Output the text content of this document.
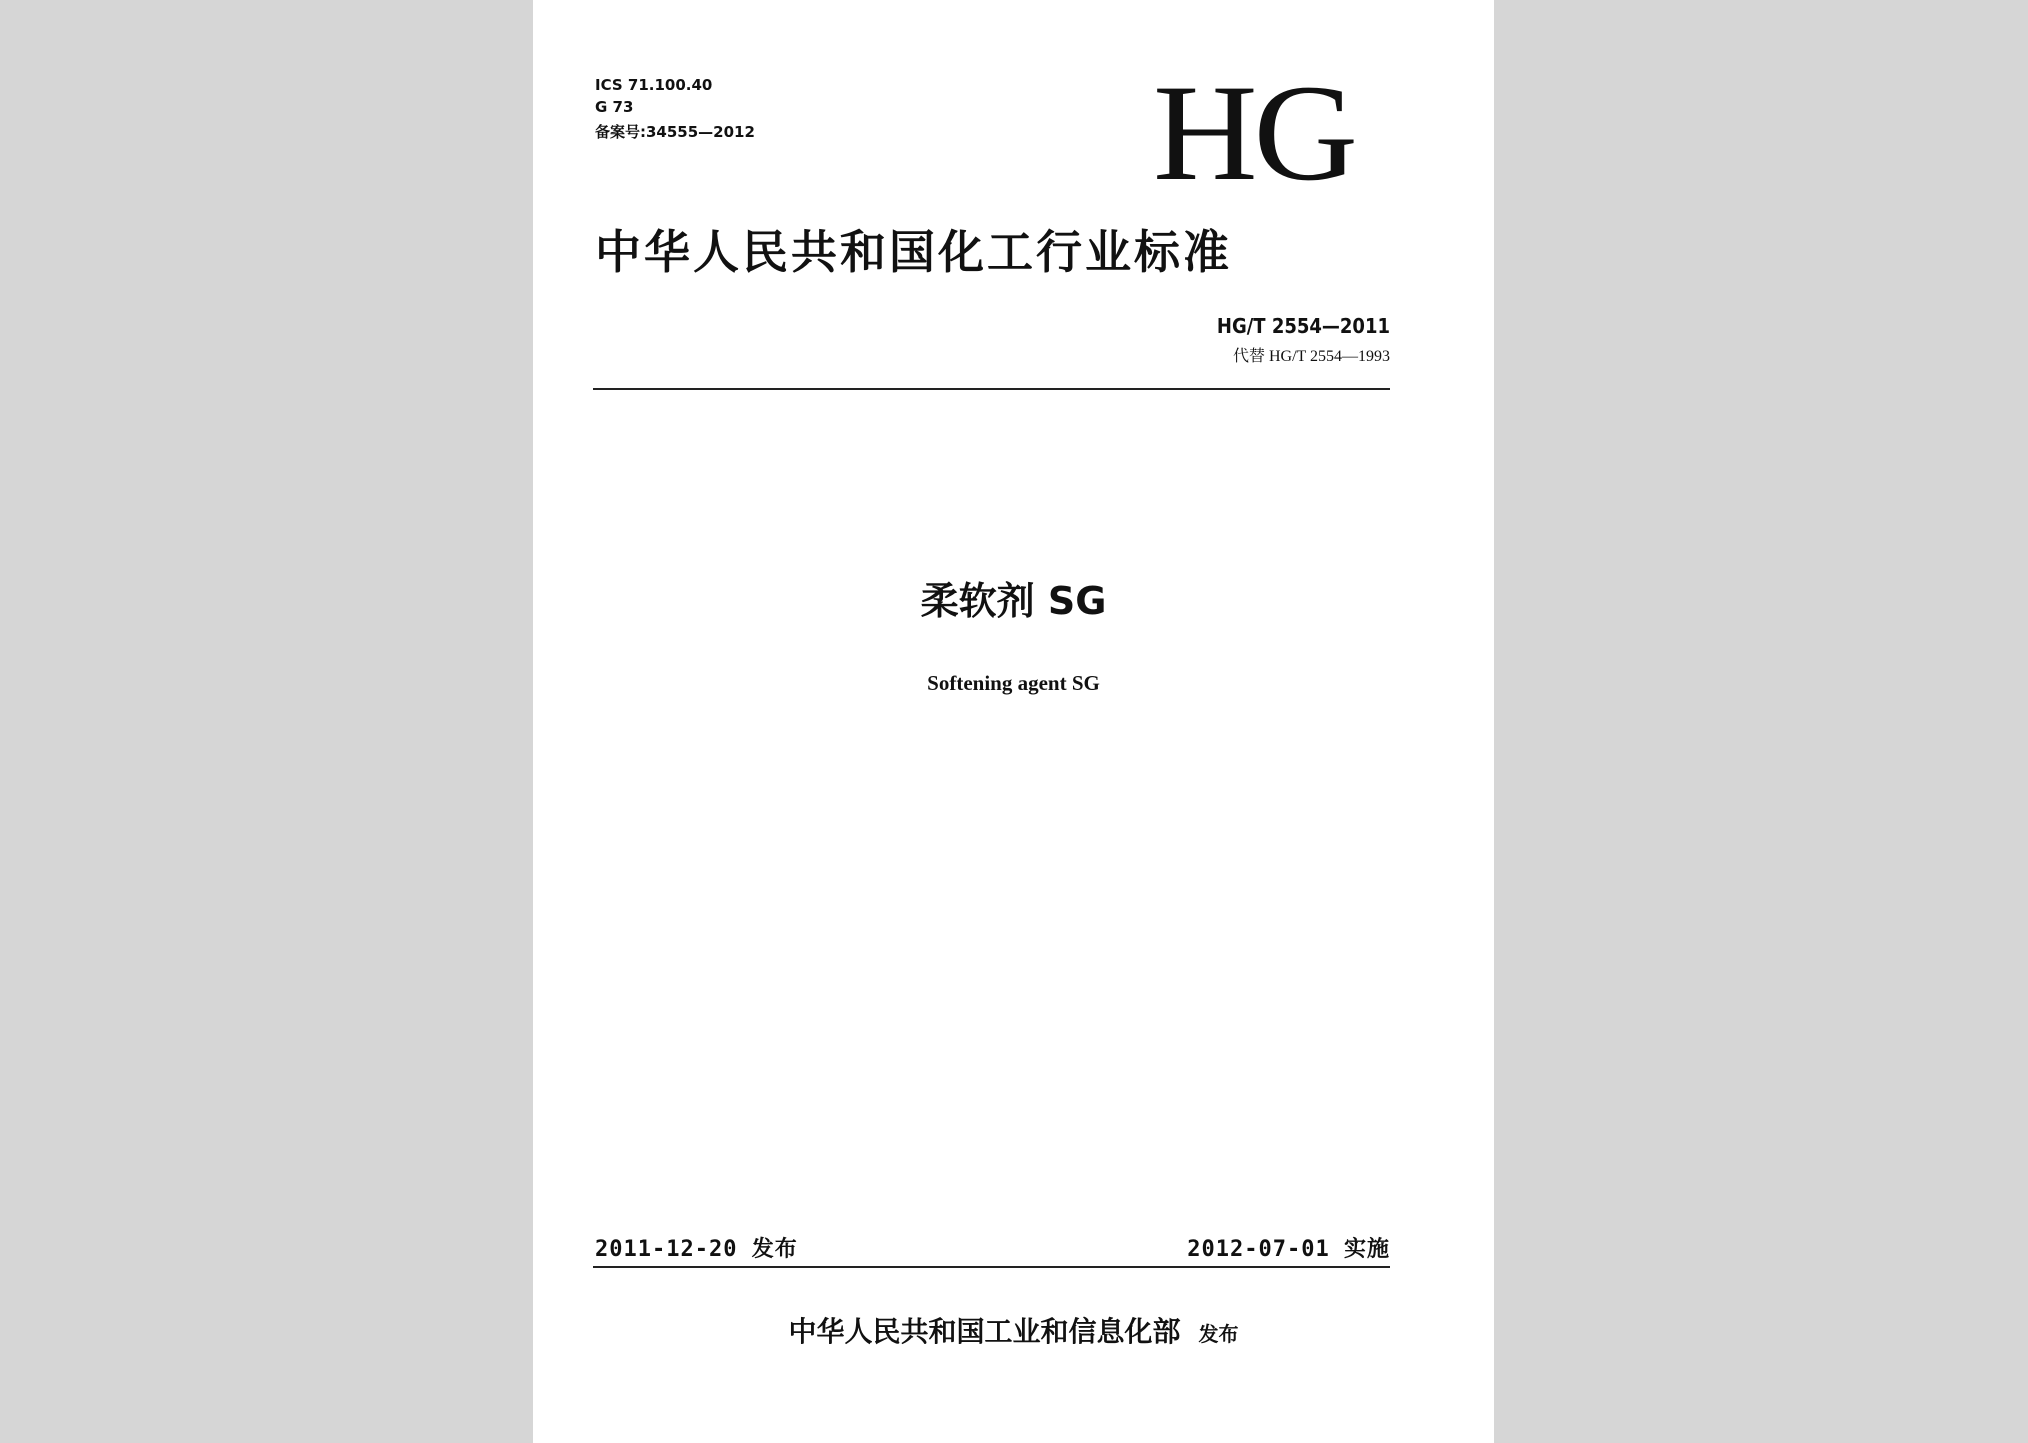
ICS 71.100.40
G 73
备案号:34555—2012	HG
中华人民共和国化工行业标准
HG/T 2554—2011
代替 HG/T 2554—1993
柔软剂 SG
Softening agent SG
2011-12-20 发布	2012-07-01 实施
中华人民共和国工业和信息化部 发布
